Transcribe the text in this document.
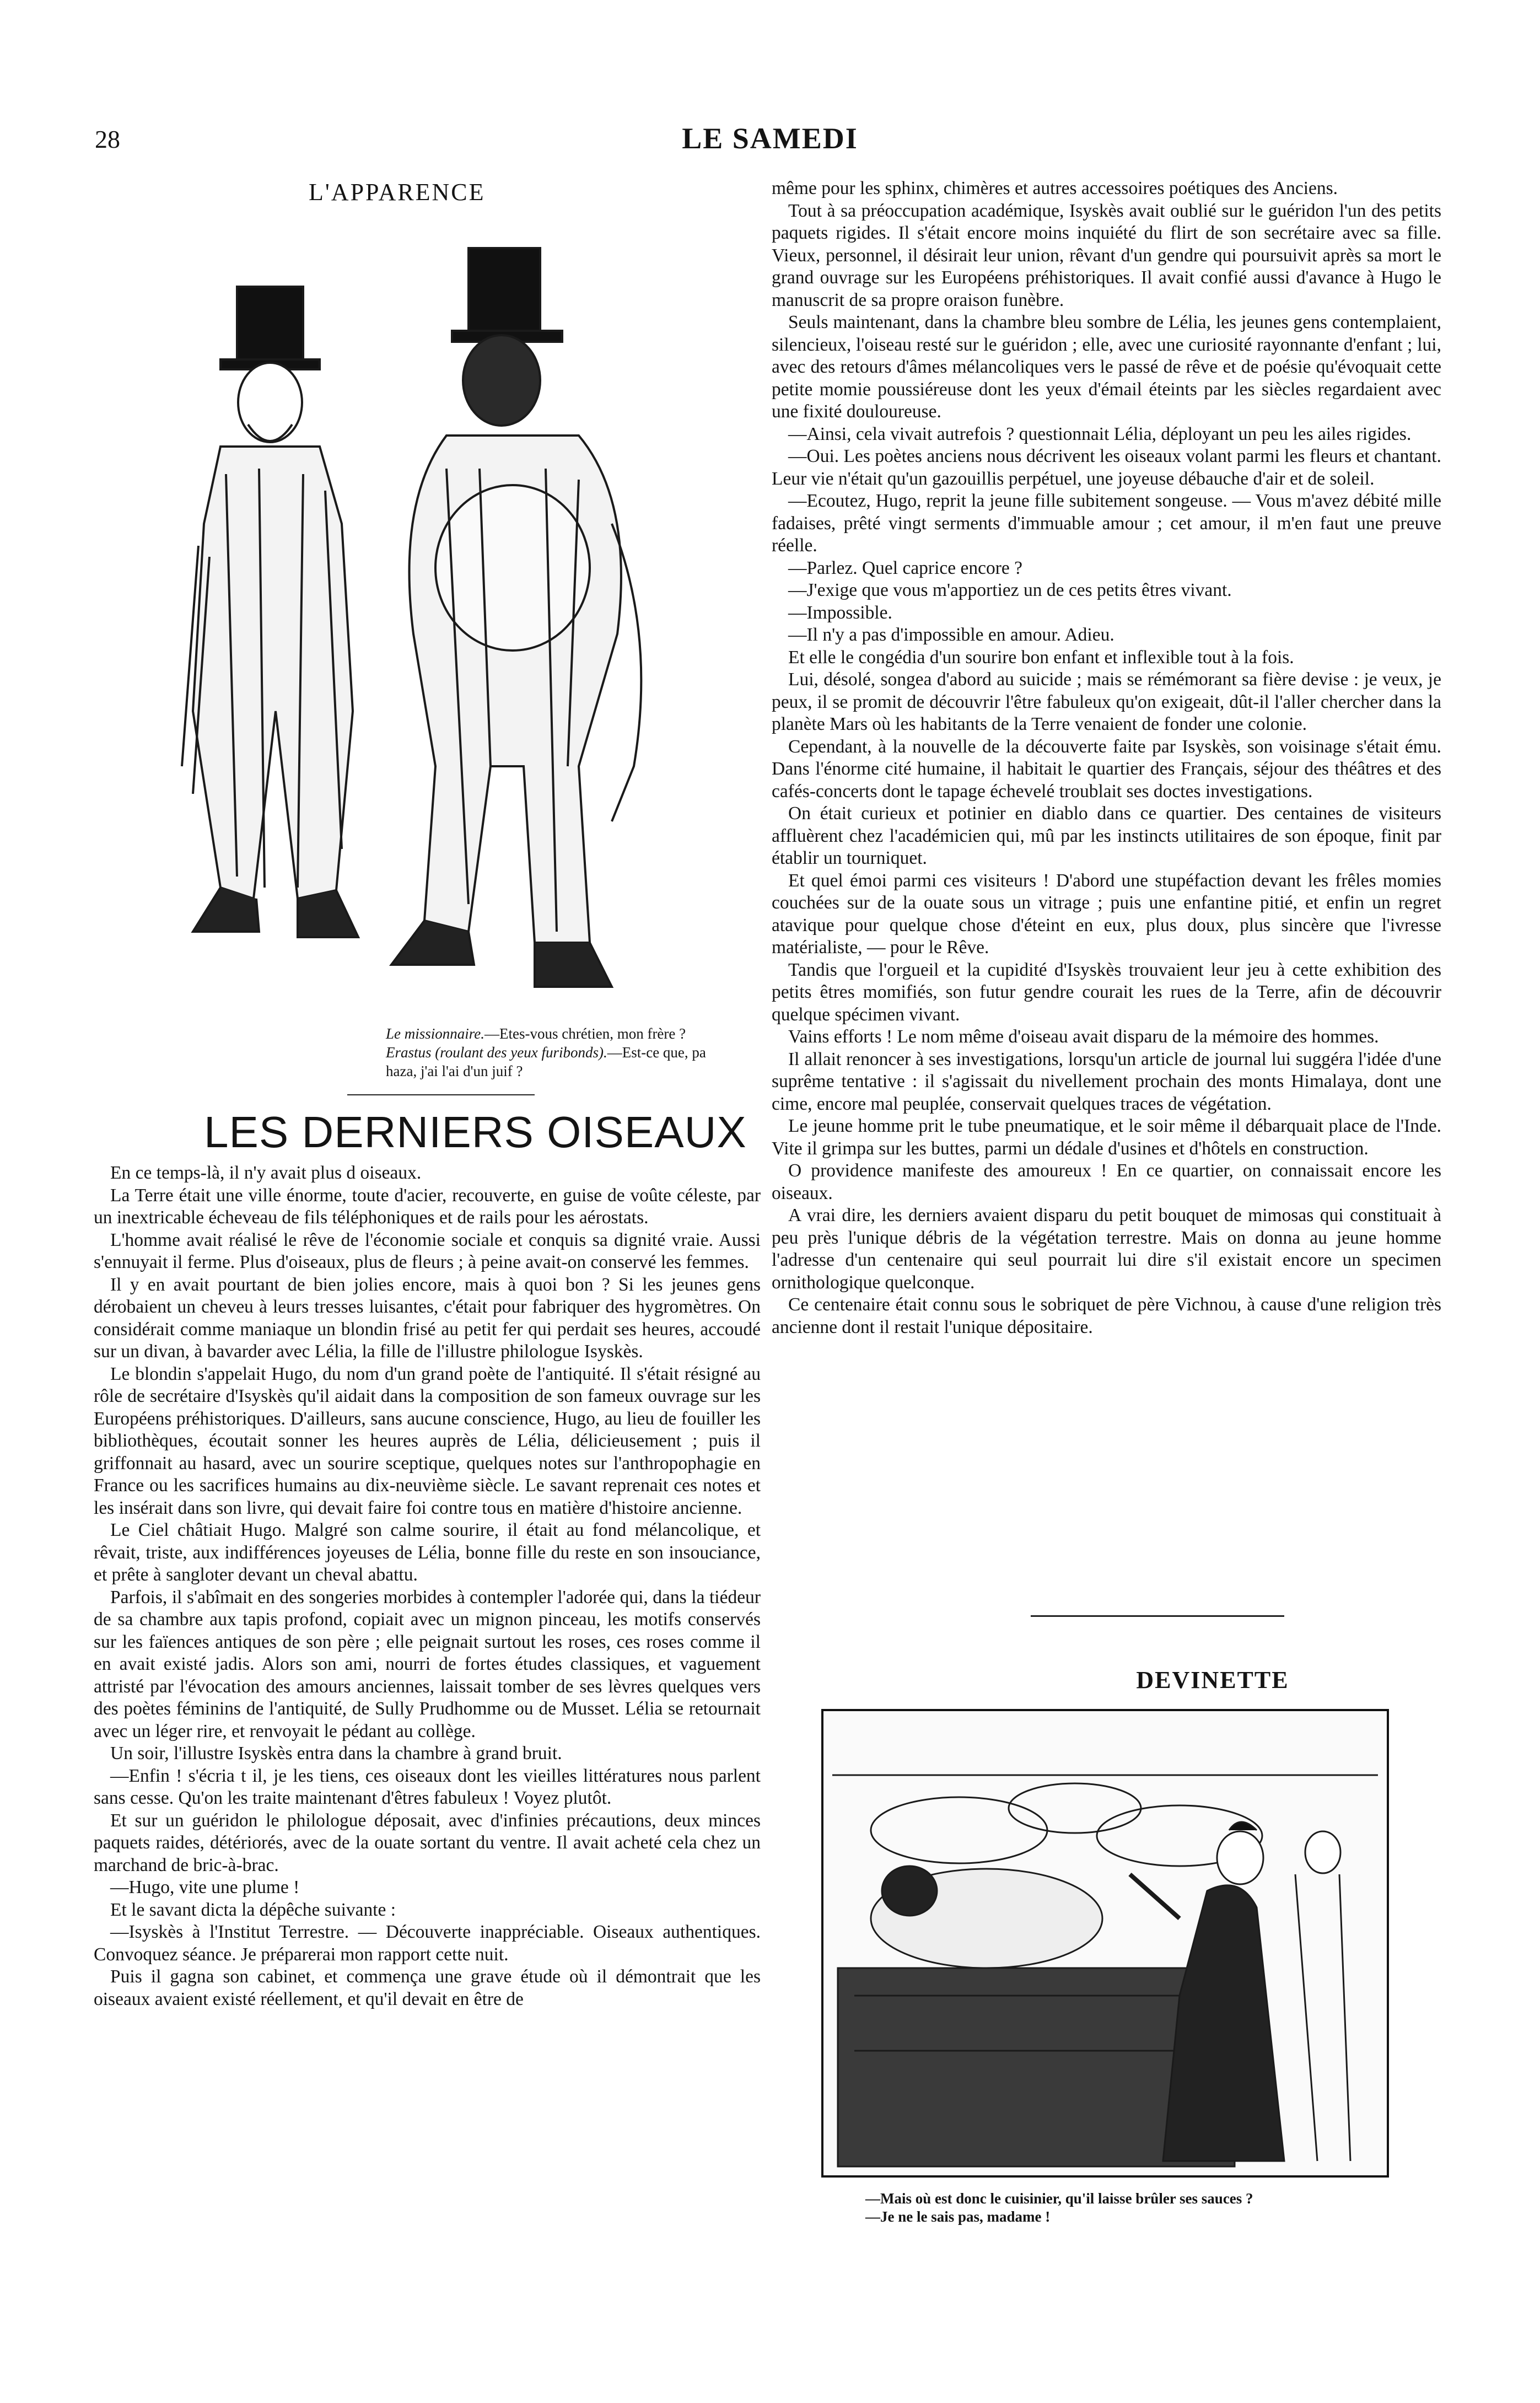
28	LE SAMEDI
L'APPARENCE
Le missionnaire.—Etes-vous chrétien, mon frère ?
Erastus (roulant des yeux furibonds).—Est-ce que, pa haza, j'ai l'ai d'un juif ?
LES DERNIERS OISEAUX

En ce temps-là, il n'y avait plus d oiseaux.

La Terre était une ville énorme, toute d'acier, recouverte, en guise de voûte céleste, par un inextricable écheveau de fils téléphoniques et de rails pour les aérostats.

L'homme avait réalisé le rêve de l'économie sociale et conquis sa dignité vraie. Aussi s'ennuyait il ferme. Plus d'oiseaux, plus de fleurs ; à peine avait-on conservé les femmes.

Il y en avait pourtant de bien jolies encore, mais à quoi bon ? Si les jeunes gens dérobaient un cheveu à leurs tresses luisantes, c'était pour fabriquer des hygromètres. On considérait comme maniaque un blondin frisé au petit fer qui perdait ses heures, accoudé sur un divan, à bavarder avec Lélia, la fille de l'illustre philologue Isyskès.

Le blondin s'appelait Hugo, du nom d'un grand poète de l'antiquité. Il s'était résigné au rôle de secrétaire d'Isyskès qu'il aidait dans la composition de son fameux ouvrage sur les Européens préhistoriques. D'ailleurs, sans aucune conscience, Hugo, au lieu de fouiller les bibliothèques, écoutait sonner les heures auprès de Lélia, délicieusement ; puis il griffonnait au hasard, avec un sourire sceptique, quelques notes sur l'anthropophagie en France ou les sacrifices humains au dix-neuvième siècle. Le savant reprenait ces notes et les insérait dans son livre, qui devait faire foi contre tous en matière d'histoire ancienne.

Le Ciel châtiait Hugo. Malgré son calme sourire, il était au fond mélancolique, et rêvait, triste, aux indifférences joyeuses de Lélia, bonne fille du reste en son insouciance, et prête à sangloter devant un cheval abattu.

Parfois, il s'abîmait en des songeries morbides à contempler l'adorée qui, dans la tiédeur de sa chambre aux tapis profond, copiait avec un mignon pinceau, les motifs conservés sur les faïences antiques de son père ; elle peignait surtout les roses, ces roses comme il en avait existé jadis. Alors son ami, nourri de fortes études classiques, et vaguement attristé par l'évocation des amours anciennes, laissait tomber de ses lèvres quelques vers des poètes féminins de l'antiquité, de Sully Prudhomme ou de Musset. Lélia se retournait avec un léger rire, et renvoyait le pédant au collège.

Un soir, l'illustre Isyskès entra dans la chambre à grand bruit.

—Enfin ! s'écria t il, je les tiens, ces oiseaux dont les vieilles littératures nous parlent sans cesse. Qu'on les traite maintenant d'êtres fabuleux ! Voyez plutôt.

Et sur un guéridon le philologue déposait, avec d'infinies précautions, deux minces paquets raides, détériorés, avec de la ouate sortant du ventre. Il avait acheté cela chez un marchand de bric-à-brac.

—Hugo, vite une plume !

Et le savant dicta la dépêche suivante :

—Isyskès à l'Institut Terrestre. — Découverte inappréciable. Oiseaux authentiques. Convoquez séance. Je préparerai mon rapport cette nuit.

Puis il gagna son cabinet, et commença une grave étude où il démontrait que les oiseaux avaient existé réellement, et qu'il devait en être de

même pour les sphinx, chimères et autres accessoires poétiques des Anciens.

Tout à sa préoccupation académique, Isyskès avait oublié sur le guéridon l'un des petits paquets rigides. Il s'était encore moins inquiété du flirt de son secrétaire avec sa fille. Vieux, personnel, il désirait leur union, rêvant d'un gendre qui poursuivit après sa mort le grand ouvrage sur les Européens préhistoriques. Il avait confié aussi d'avance à Hugo le manuscrit de sa propre oraison funèbre.

Seuls maintenant, dans la chambre bleu sombre de Lélia, les jeunes gens contemplaient, silencieux, l'oiseau resté sur le guéridon ; elle, avec une curiosité rayonnante d'enfant ; lui, avec des retours d'âmes mélancoliques vers le passé de rêve et de poésie qu'évoquait cette petite momie poussiéreuse dont les yeux d'émail éteints par les siècles regardaient avec une fixité douloureuse.

—Ainsi, cela vivait autrefois ? questionnait Lélia, déployant un peu les ailes rigides.

—Oui. Les poètes anciens nous décrivent les oiseaux volant parmi les fleurs et chantant. Leur vie n'était qu'un gazouillis perpétuel, une joyeuse débauche d'air et de soleil.

—Ecoutez, Hugo, reprit la jeune fille subitement songeuse. — Vous m'avez débité mille fadaises, prêté vingt serments d'immuable amour ; cet amour, il m'en faut une preuve réelle.

—Parlez. Quel caprice encore ?

—J'exige que vous m'apportiez un de ces petits êtres vivant.

—Impossible.

—Il n'y a pas d'impossible en amour. Adieu.

Et elle le congédia d'un sourire bon enfant et inflexible tout à la fois.

Lui, désolé, songea d'abord au suicide ; mais se rémémorant sa fière devise : je veux, je peux, il se promit de découvrir l'être fabuleux qu'on exigeait, dût-il l'aller chercher dans la planète Mars où les habitants de la Terre venaient de fonder une colonie.

Cependant, à la nouvelle de la découverte faite par Isyskès, son voisinage s'était ému. Dans l'énorme cité humaine, il habitait le quartier des Français, séjour des théâtres et des cafés-concerts dont le tapage échevelé troublait ses doctes investigations.

On était curieux et potinier en diablo dans ce quartier. Des centaines de visiteurs affluèrent chez l'académicien qui, mû par les instincts utilitaires de son époque, finit par établir un tourniquet.

Et quel émoi parmi ces visiteurs ! D'abord une stupéfaction devant les frêles momies couchées sur de la ouate sous un vitrage ; puis une enfantine pitié, et enfin un regret atavique pour quelque chose d'éteint en eux, plus doux, plus sincère que l'ivresse matérialiste, — pour le Rêve.

Tandis que l'orgueil et la cupidité d'Isyskès trouvaient leur jeu à cette exhibition des petits êtres momifiés, son futur gendre courait les rues de la Terre, afin de découvrir quelque spécimen vivant.

Vains efforts ! Le nom même d'oiseau avait disparu de la mémoire des hommes.

Il allait renoncer à ses investigations, lorsqu'un article de journal lui suggéra l'idée d'une suprême tentative : il s'agissait du nivellement prochain des monts Himalaya, dont une cime, encore mal peuplée, conservait quelques traces de végétation.

Le jeune homme prit le tube pneumatique, et le soir même il débarquait place de l'Inde. Vite il grimpa sur les buttes, parmi un dédale d'usines et d'hôtels en construction.

O providence manifeste des amoureux ! En ce quartier, on connaissait encore les oiseaux.

A vrai dire, les derniers avaient disparu du petit bouquet de mimosas qui constituait à peu près l'unique débris de la végétation terrestre. Mais on donna au jeune homme l'adresse d'un centenaire qui seul pourrait lui dire s'il existait encore un specimen ornithologique quelconque.

Ce centenaire était connu sous le sobriquet de père Vichnou, à cause d'une religion très ancienne dont il restait l'unique dépositaire.

DEVINETTE
—Mais où est donc le cuisinier, qu'il laisse brûler ses sauces ?
—Je ne le sais pas, madame !
